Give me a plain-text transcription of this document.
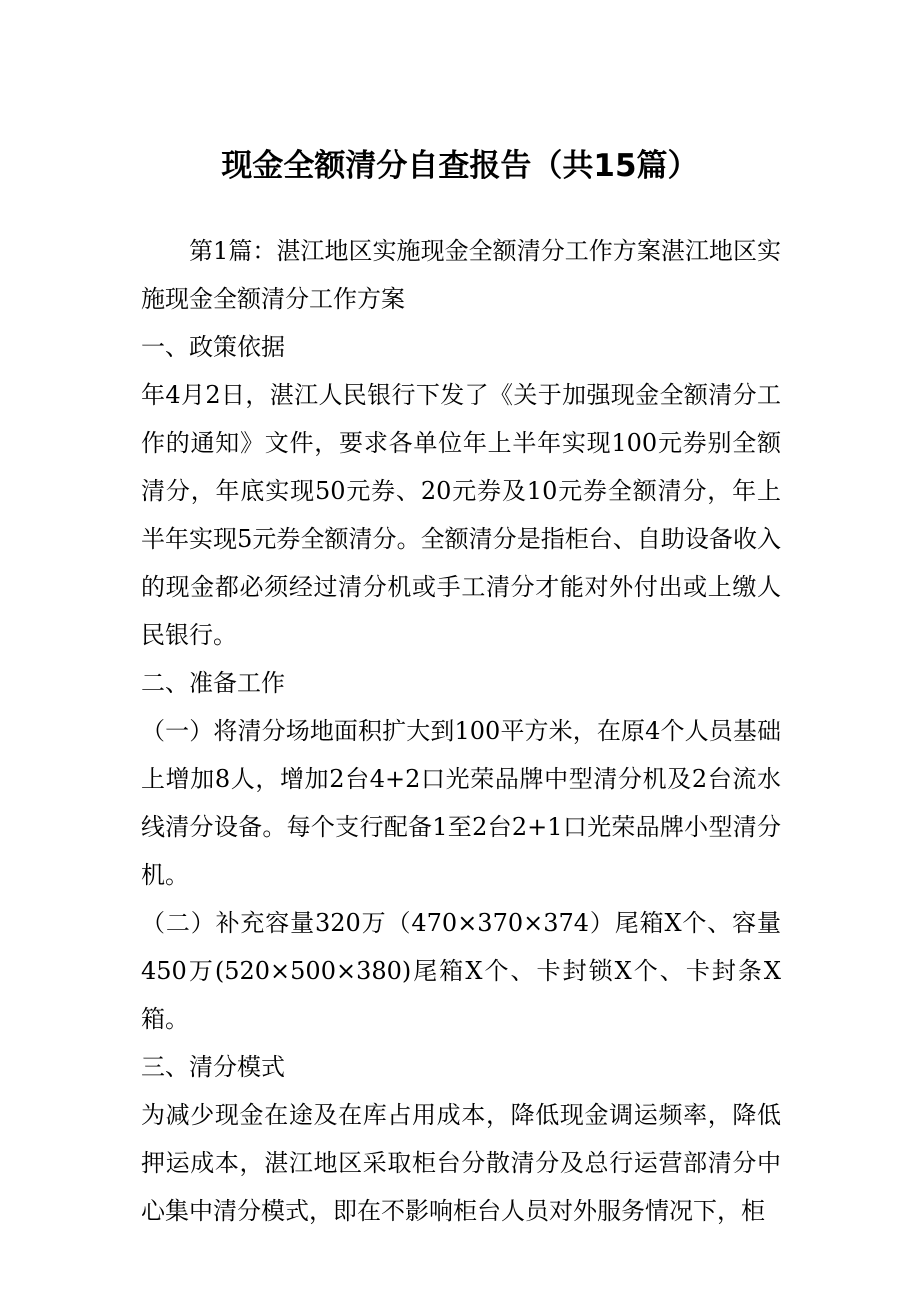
现金全额清分自查报告（共15篇）

第1篇：湛江地区实施现金全额清分工作方案湛江地区实施现金全额清分工作方案

一、政策依据

年4月2日，湛江人民银行下发了《关于加强现金全额清分工作的通知》文件，要求各单位年上半年实现100元券别全额清分，年底实现50元券、20元券及10元券全额清分，年上半年实现5元券全额清分。全额清分是指柜台、自助设备收入的现金都必须经过清分机或手工清分才能对外付出或上缴人民银行。

二、准备工作

（一）将清分场地面积扩大到100平方米，在原4个人员基础上增加8人，增加2台4+2口光荣品牌中型清分机及2台流水线清分设备。每个支行配备1至2台2+1口光荣品牌小型清分机。

（二）补充容量320万（470×370×374）尾箱X个、容量450万(520×500×380)尾箱X个、卡封锁X个、卡封条X箱。

三、清分模式

为减少现金在途及在库占用成本，降低现金调运频率，降低押运成本，湛江地区采取柜台分散清分及总行运营部清分中心集中清分模式，即在不影响柜台人员对外服务情况下，柜
